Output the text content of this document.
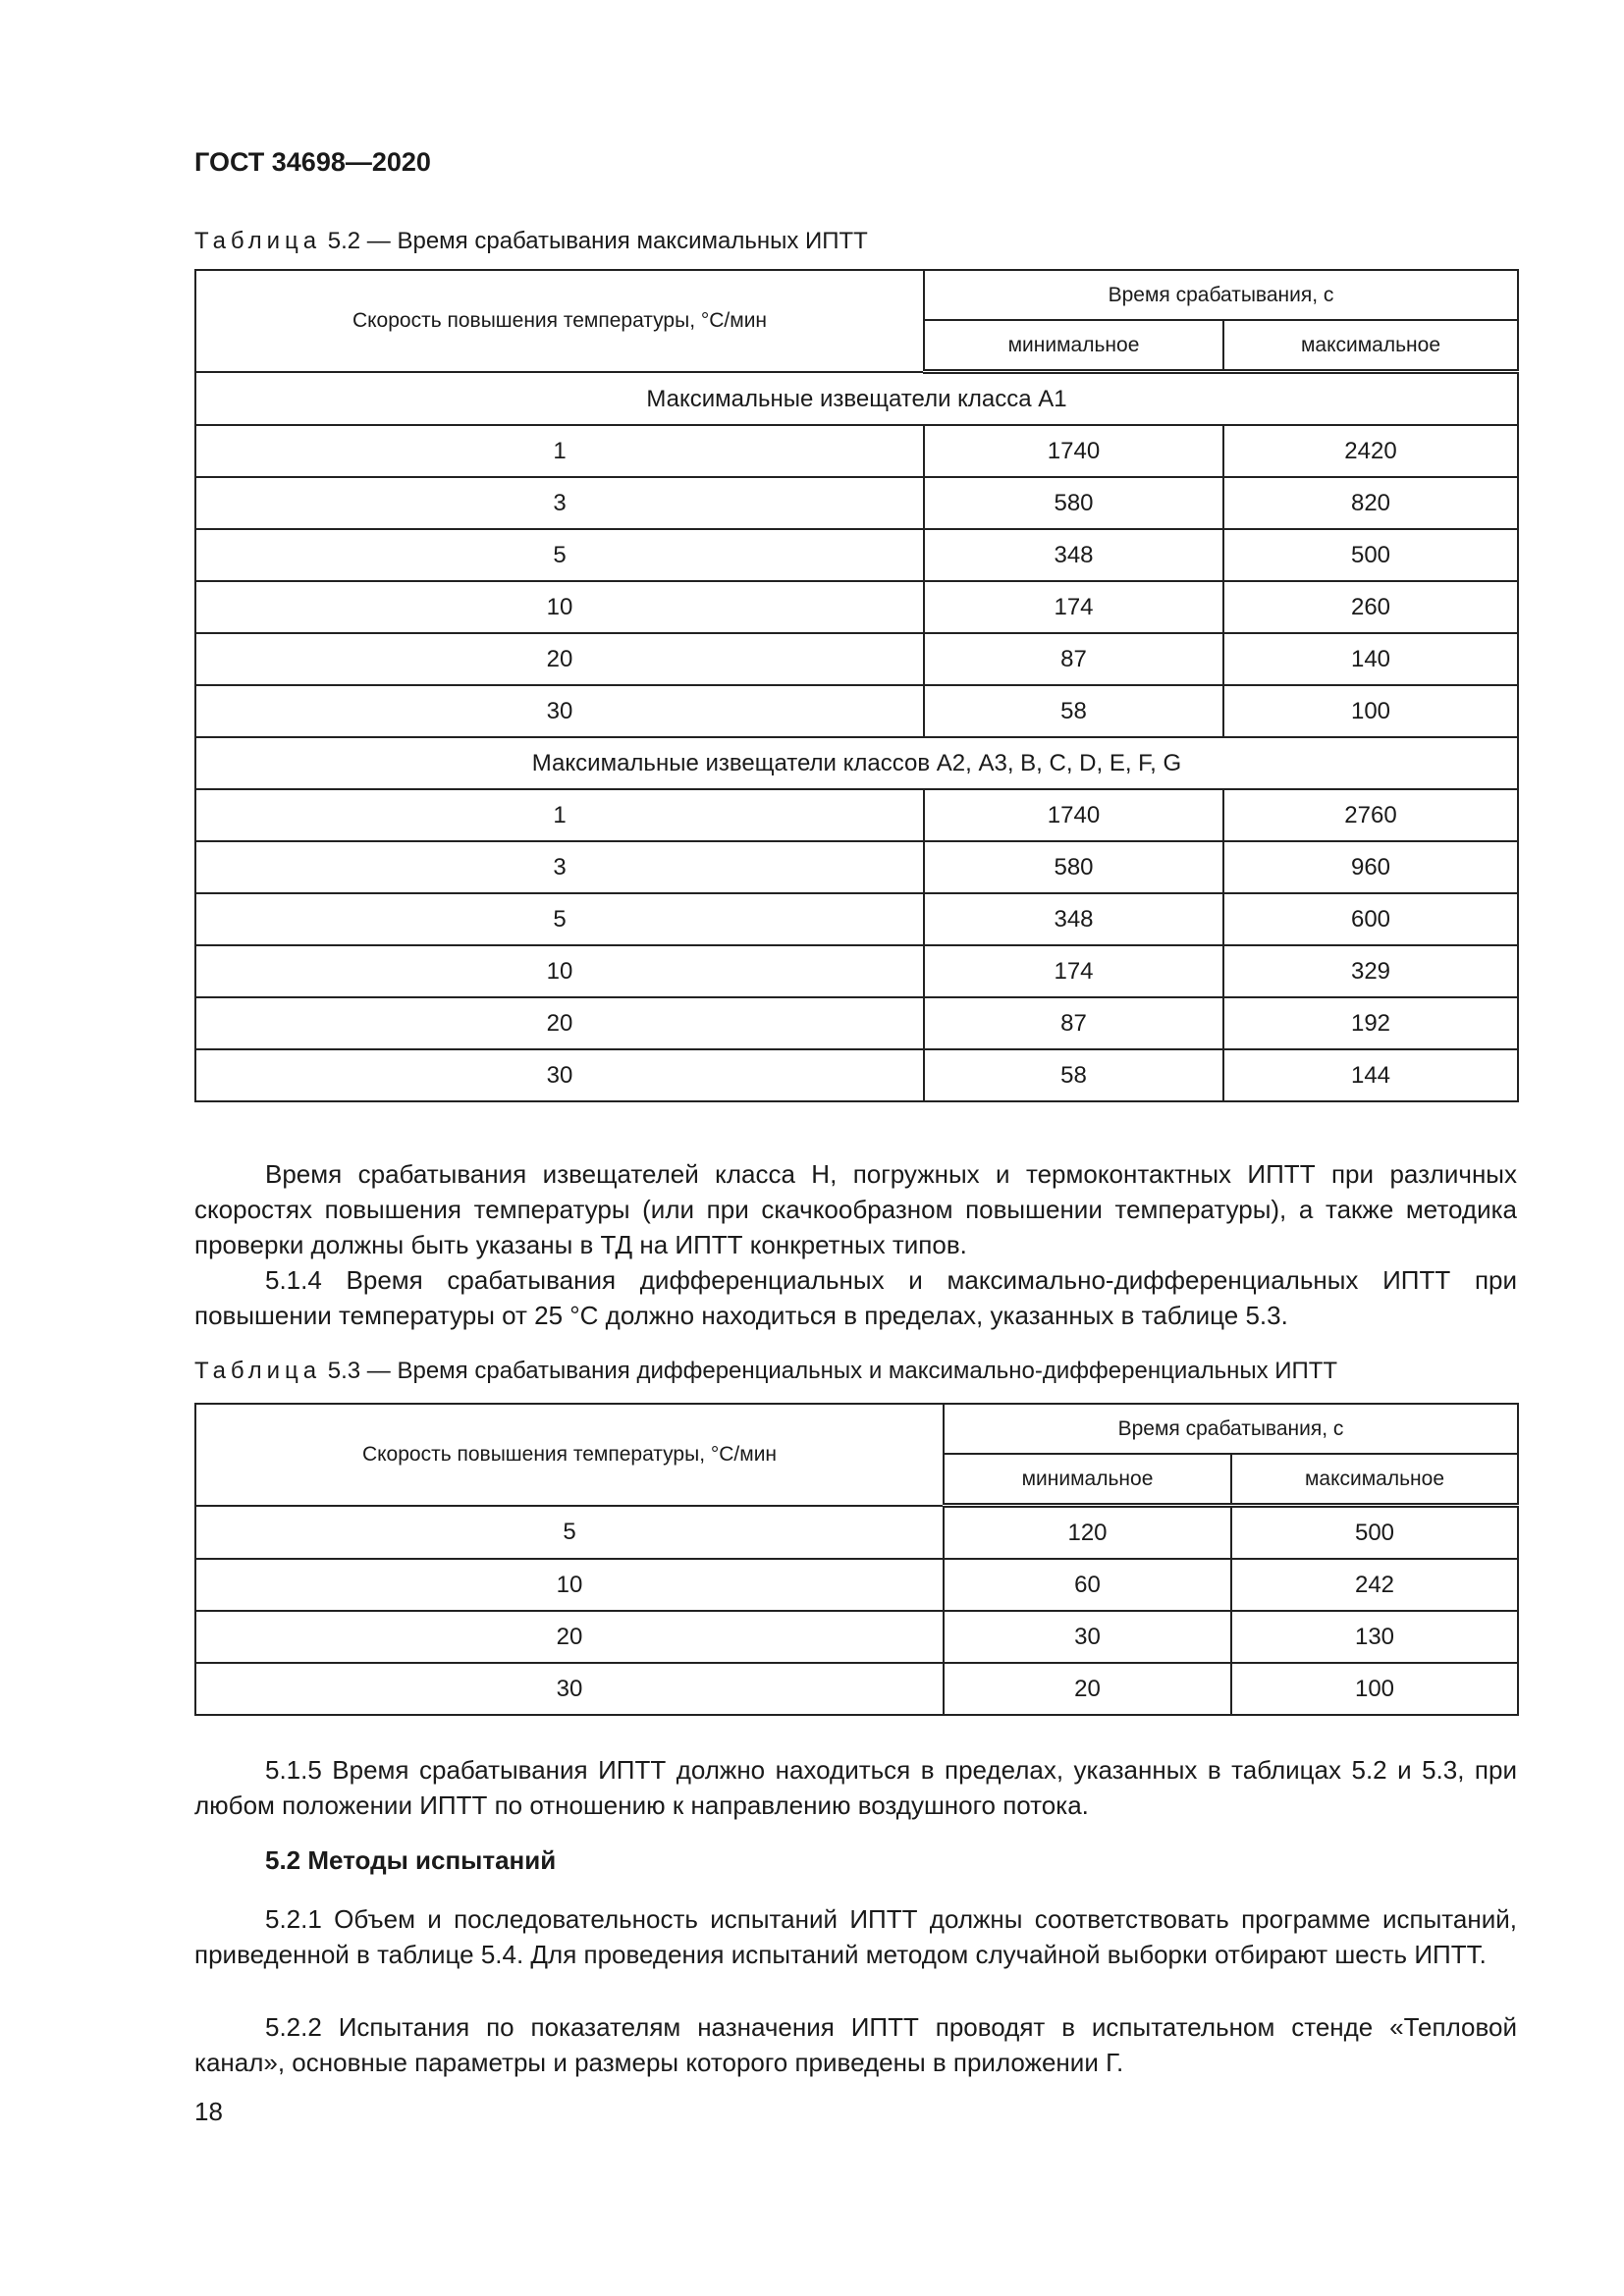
ГОСТ 34698—2020
Таблица 5.2 — Время срабатывания максимальных ИПТТ
Скорость повышения температуры, °C/мин	Время срабатывания, с	
	минимальное	максимальное
Максимальные извещатели класса А1		
1	1740	2420
3	580	820
5	348	500
10	174	260
20	87	140
30	58	100
Максимальные извещатели классов А2, А3, В, С, D, Е, F, G		
1	1740	2760
3	580	960
5	348	600
10	174	329
20	87	192
30	58	144

Время срабатывания извещателей класса Н, погружных и термоконтактных ИПТТ при различных скоростях повышения температуры (или при скачкообразном повышении температуры), а также методика проверки должны быть указаны в ТД на ИПТТ конкретных типов.

5.1.4 Время срабатывания дифференциальных и максимально-дифференциальных ИПТТ при повышении температуры от 25 °С должно находиться в пределах, указанных в таблице 5.3.

Таблица 5.3 — Время срабатывания дифференциальных и максимально-дифференциальных ИПТТ
Скорость повышения температуры, °C/мин	Время срабатывания, с	
	минимальное	максимальное
5	120	500
10	60	242
20	30	130
30	20	100

5.1.5 Время срабатывания ИПТТ должно находиться в пределах, указанных в таблицах 5.2 и 5.3, при любом положении ИПТТ по отношению к направлению воздушного потока.

5.2 Методы испытаний

5.2.1 Объем и последовательность испытаний ИПТТ должны соответствовать программе испытаний, приведенной в таблице 5.4. Для проведения испытаний методом случайной выборки отбирают шесть ИПТТ.

5.2.2 Испытания по показателям назначения ИПТТ проводят в испытательном стенде «Тепловой канал», основные параметры и размеры которого приведены в приложении Г.

18
